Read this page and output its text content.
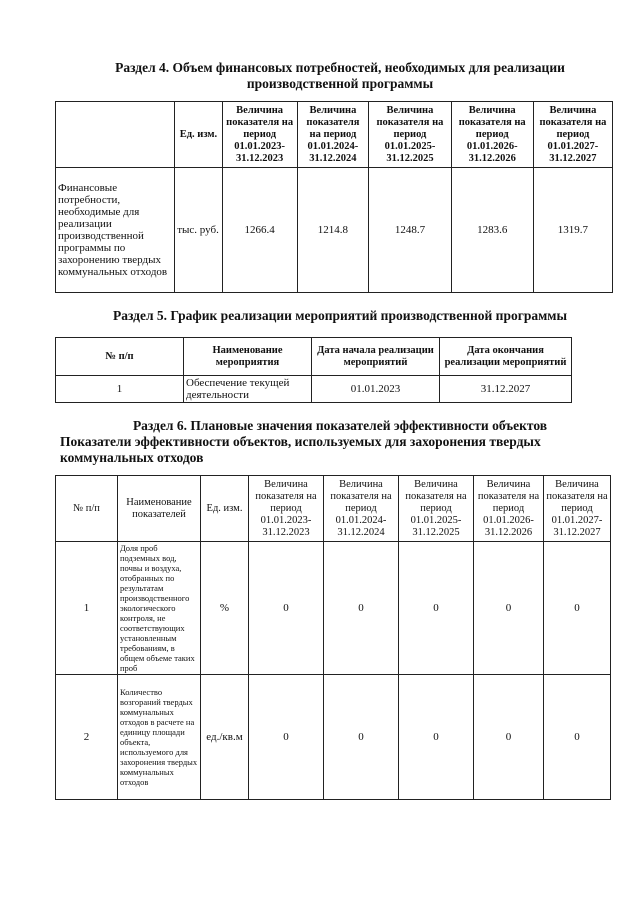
Раздел 4. Объем финансовых потребностей, необходимых для реализации производственной программы
	Ед. изм.	Величина показателя на период 01.01.2023-31.12.2023	Величина показателя на период 01.01.2024-31.12.2024	Величина показателя на период 01.01.2025-31.12.2025	Величина показателя на период 01.01.2026-31.12.2026	Величина показателя на период 01.01.2027-31.12.2027
Финансовые потребности, необходимые для реализации производственной программы по захоронению твердых коммунальных отходов	тыс. руб.	1266.4	1214.8	1248.7	1283.6	1319.7
Раздел 5. График реализации мероприятий производственной программы
№ п/п	Наименование мероприятия	Дата начала реализации мероприятий	Дата окончания реализации мероприятий
1	Обеспечение текущей деятельности	01.01.2023	31.12.2027
Раздел 6. Плановые значения показателей эффективности объектов
Показатели эффективности объектов, используемых для захоронения твердых коммунальных отходов
№ п/п	Наименование показателей	Ед. изм.	Величина показателя на период 01.01.2023-31.12.2023	Величина показателя на период 01.01.2024-31.12.2024	Величина показателя на период 01.01.2025-31.12.2025	Величина показателя на период 01.01.2026-31.12.2026	Величина показателя на период 01.01.2027-31.12.2027
1	Доля проб подземных вод, почвы и воздуха, отобранных по результатам производственного экологического контроля, не соответствующих установленным требованиям, в общем объеме таких проб	%	0	0	0	0	0
2	Количество возгораний твердых коммунальных отходов в расчете на единицу площади объекта, используемого для захоронения твердых коммунальных отходов	ед./кв.м	0	0	0	0	0
